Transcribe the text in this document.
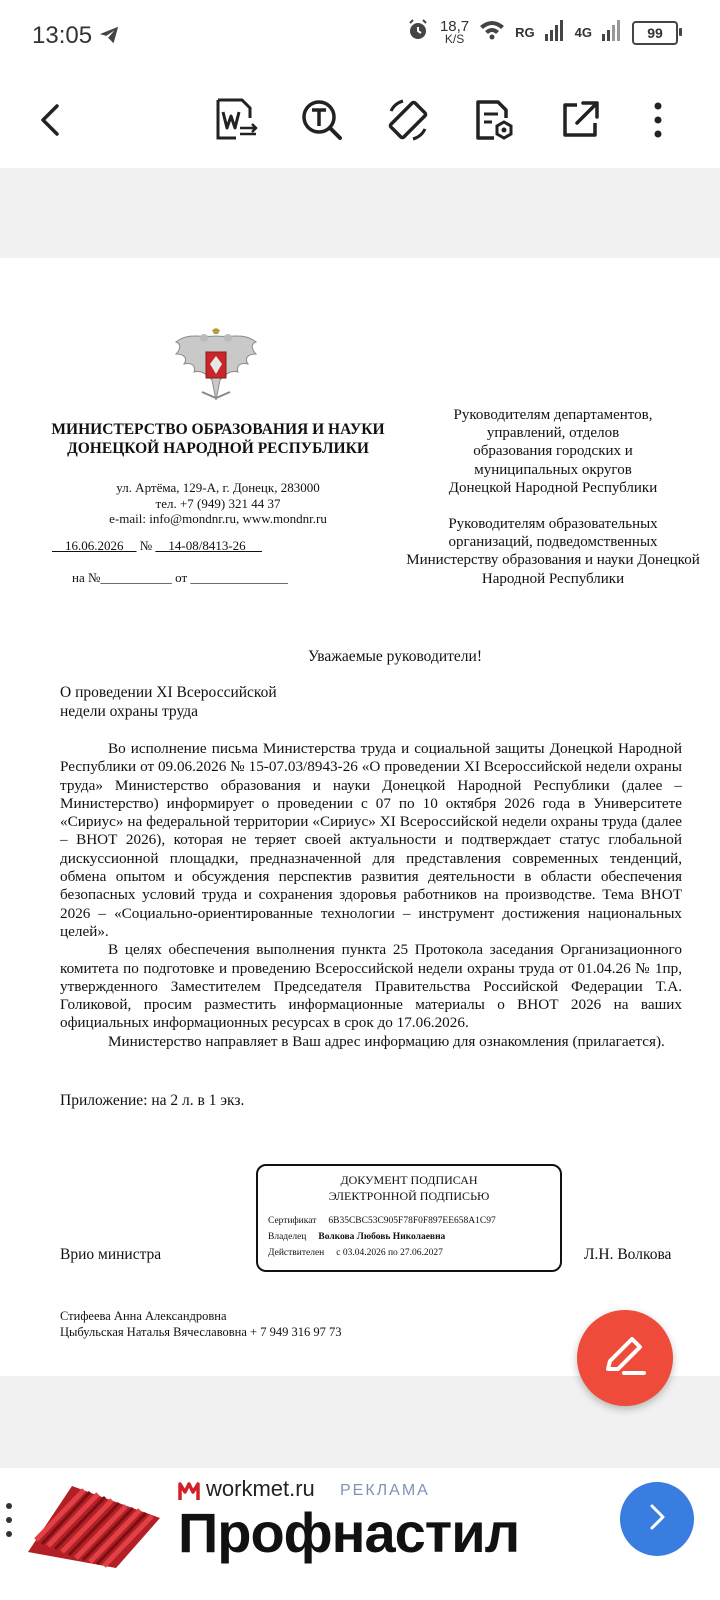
13:05	18,7
K/S	RG	4G	99
МИНИСТЕРСТВО ОБРАЗОВАНИЯ И НАУКИ
ДОНЕЦКОЙ НАРОДНОЙ РЕСПУБЛИКИ
ул. Артёма, 129-А, г. Донецк, 283000
тел. +7 (949) 321 44 37
e-mail: info@mondnr.ru, www.mondnr.ru
16.06.2026 № 14-08/8413-26
на №___________ от _______________

Руководителям департаментов,
управлений, отделов
образования городских и
муниципальных округов
Донецкой Народной Республики

Руководителям образовательных
организаций, подведомственных
Министерству образования и науки Донецкой
Народной Республики

Уважаемые руководители!
О проведении XI Всероссийской
недели охраны труда

Во исполнение письма Министерства труда и социальной защиты Донецкой Народной Республики от 09.06.2026 № 15-07.03/8943-26 «О проведении XI Всероссийской недели охраны труда» Министерство образования и науки Донецкой Народной Республики (далее – Министерство) информирует о проведении с 07 по 10 октября 2026 года в Университете «Сириус» на федеральной территории «Сириус» XI Всероссийской недели охраны труда (далее – ВНОТ 2026), которая не теряет своей актуальности и подтверждает статус глобальной дискуссионной площадки, предназначенной для представления современных тенденций, обмена опытом и обсуждения перспектив развития деятельности в области обеспечения безопасных условий труда и сохранения здоровья работников на производстве. Тема ВНОТ 2026 – «Социально-ориентированные технологии – инструмент достижения национальных целей».

В целях обеспечения выполнения пункта 25 Протокола заседания Организационного комитета по подготовке и проведению Всероссийской недели охраны труда от 01.04.26 № 1пр, утвержденного Заместителем Председателя Правительства Российской Федерации Т.А. Голиковой, просим разместить информационные материалы о ВНОТ 2026 на ваших официальных информационных ресурсах в срок до 17.06.2026.

Министерство направляет в Ваш адрес информацию для ознакомления (прилагается).

Приложение: на 2 л. в 1 экз.
ДОКУМЕНТ ПОДПИСАН
ЭЛЕКТРОННОЙ ПОДПИСЬЮ
Сертификат 6B35CBC53C905F78F0F897EE658A1C97
Владелец Волкова Любовь Николаевна
Действителен с 03.04.2026 по 27.06.2027
Врио министра	Л.Н. Волкова
Стифеева Анна Александровна
Цыбульская Наталья Вячеславовна + 7 949 316 97 73
workmet.ru РЕКЛАМА
Профнастил
